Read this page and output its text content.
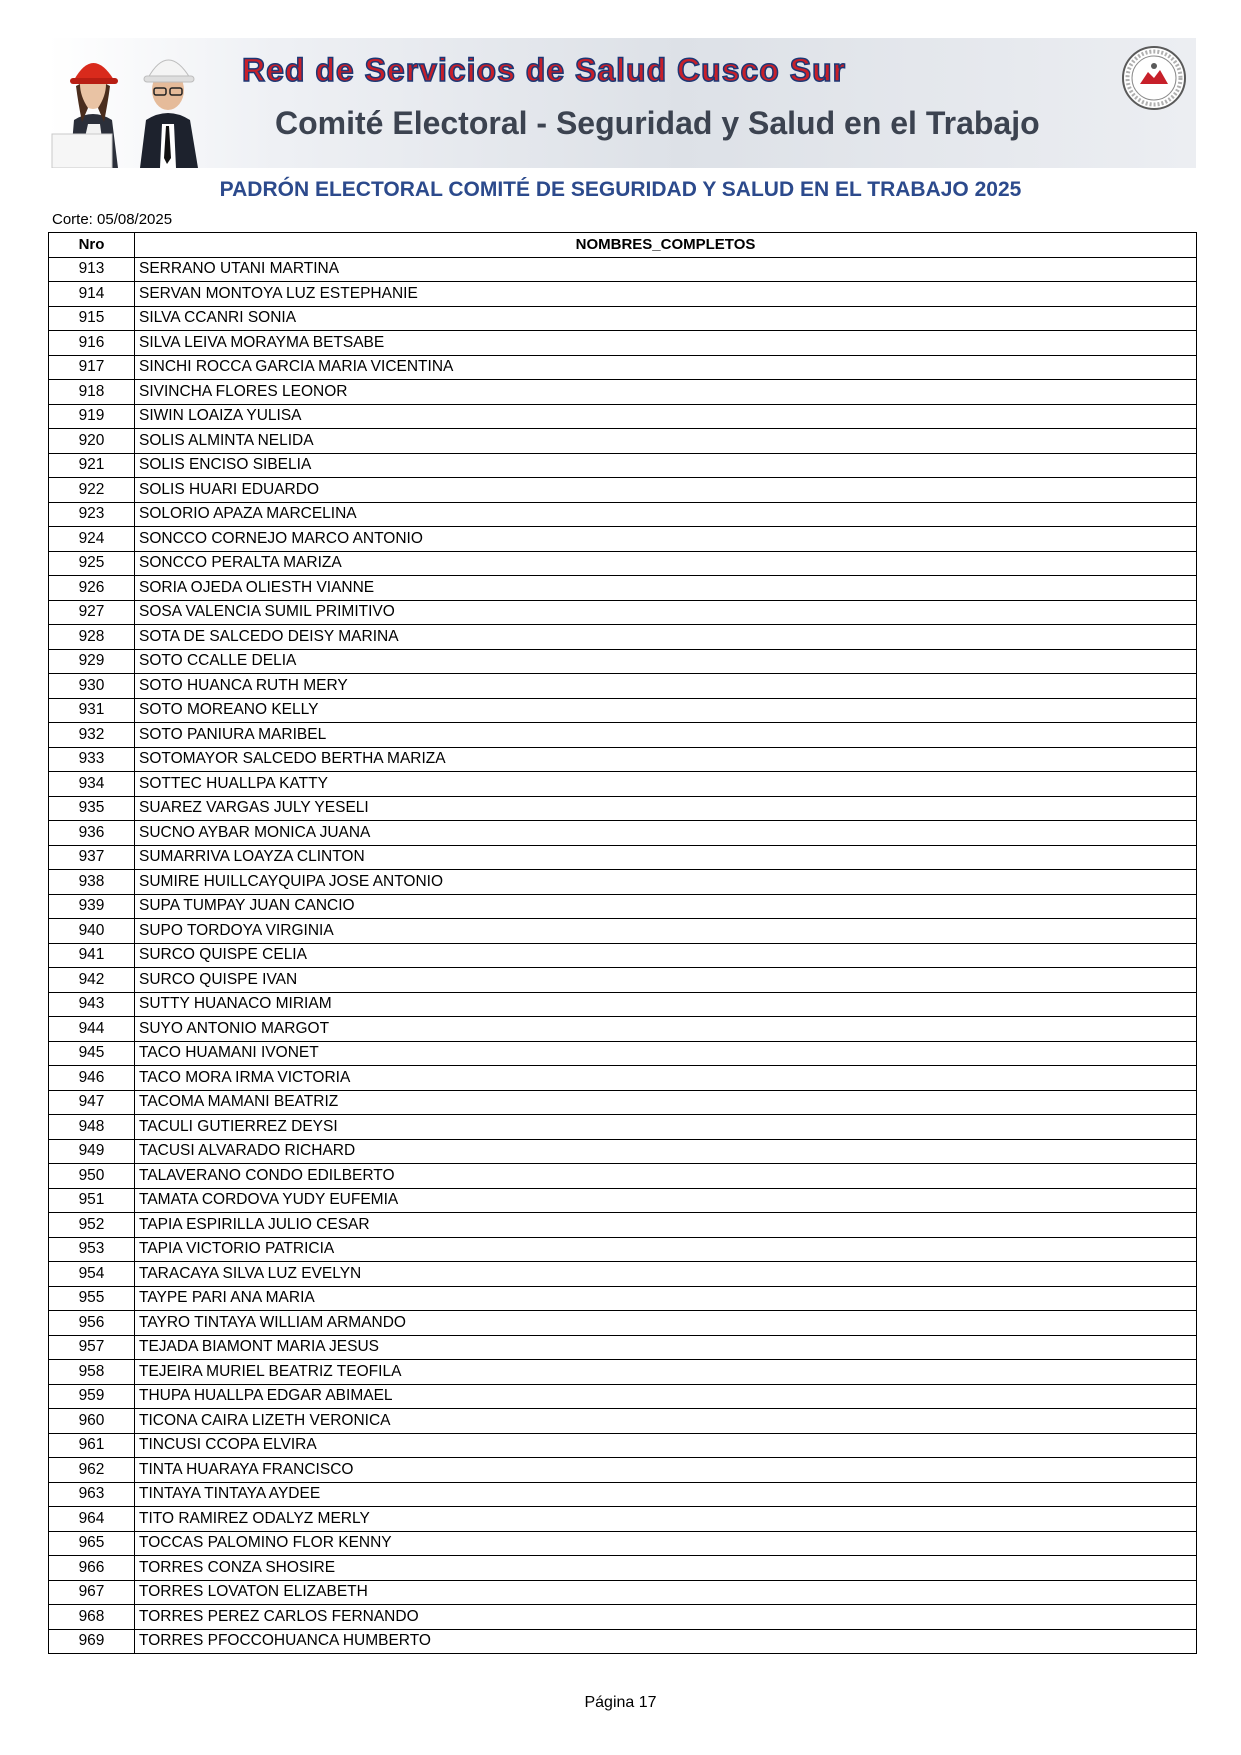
Red de Servicios de Salud Cusco Sur
Comité Electoral - Seguridad y Salud en el Trabajo
PADRÓN ELECTORAL COMITÉ DE SEGURIDAD Y SALUD EN EL TRABAJO 2025
Corte: 05/08/2025
Nro	NOMBRES_COMPLETOS
913	SERRANO UTANI MARTINA
914	SERVAN MONTOYA LUZ ESTEPHANIE
915	SILVA CCANRI SONIA
916	SILVA LEIVA MORAYMA BETSABE
917	SINCHI ROCCA GARCIA MARIA VICENTINA
918	SIVINCHA FLORES LEONOR
919	SIWIN LOAIZA YULISA
920	SOLIS ALMINTA NELIDA
921	SOLIS ENCISO SIBELIA
922	SOLIS HUARI EDUARDO
923	SOLORIO APAZA MARCELINA
924	SONCCO CORNEJO MARCO ANTONIO
925	SONCCO PERALTA MARIZA
926	SORIA OJEDA OLIESTH VIANNE
927	SOSA VALENCIA SUMIL PRIMITIVO
928	SOTA DE SALCEDO DEISY MARINA
929	SOTO CCALLE DELIA
930	SOTO HUANCA RUTH MERY
931	SOTO MOREANO KELLY
932	SOTO PANIURA MARIBEL
933	SOTOMAYOR SALCEDO BERTHA MARIZA
934	SOTTEC HUALLPA KATTY
935	SUAREZ VARGAS JULY YESELI
936	SUCNO AYBAR MONICA JUANA
937	SUMARRIVA LOAYZA CLINTON
938	SUMIRE HUILLCAYQUIPA JOSE ANTONIO
939	SUPA TUMPAY JUAN CANCIO
940	SUPO TORDOYA VIRGINIA
941	SURCO QUISPE CELIA
942	SURCO QUISPE IVAN
943	SUTTY HUANACO MIRIAM
944	SUYO ANTONIO MARGOT
945	TACO HUAMANI IVONET
946	TACO MORA IRMA VICTORIA
947	TACOMA MAMANI BEATRIZ
948	TACULI GUTIERREZ DEYSI
949	TACUSI ALVARADO RICHARD
950	TALAVERANO CONDO EDILBERTO
951	TAMATA CORDOVA YUDY EUFEMIA
952	TAPIA ESPIRILLA JULIO CESAR
953	TAPIA VICTORIO PATRICIA
954	TARACAYA SILVA LUZ EVELYN
955	TAYPE PARI ANA MARIA
956	TAYRO TINTAYA WILLIAM ARMANDO
957	TEJADA BIAMONT MARIA JESUS
958	TEJEIRA MURIEL BEATRIZ TEOFILA
959	THUPA HUALLPA EDGAR ABIMAEL
960	TICONA CAIRA LIZETH VERONICA
961	TINCUSI CCOPA ELVIRA
962	TINTA HUARAYA FRANCISCO
963	TINTAYA TINTAYA AYDEE
964	TITO RAMIREZ ODALYZ MERLY
965	TOCCAS PALOMINO FLOR KENNY
966	TORRES CONZA SHOSIRE
967	TORRES LOVATON ELIZABETH
968	TORRES PEREZ CARLOS FERNANDO
969	TORRES PFOCCOHUANCA HUMBERTO
Página 17
